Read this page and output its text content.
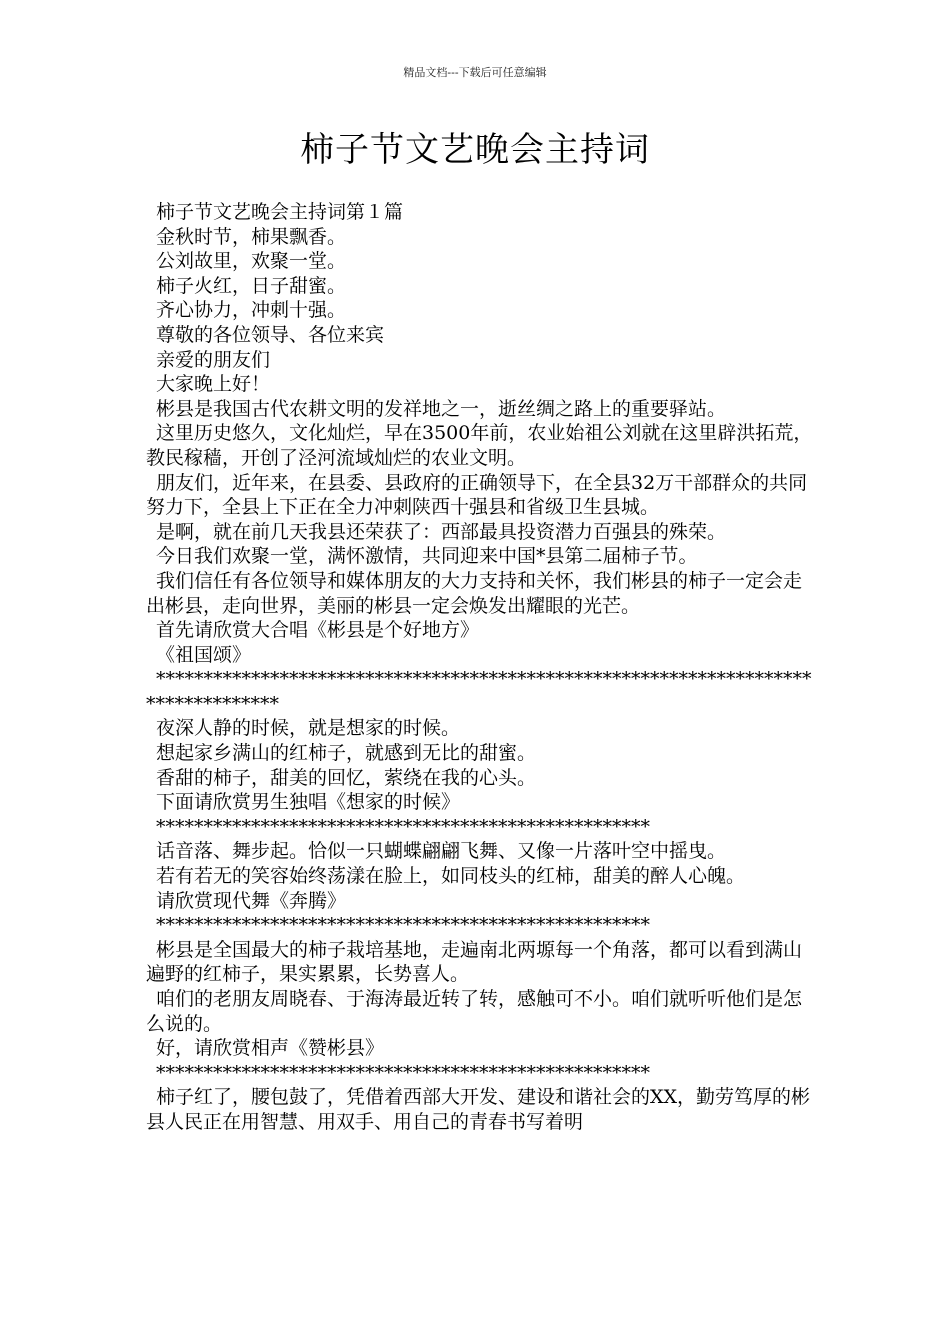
精品文档---下载后可任意编辑
柿子节文艺晚会主持词

柿子节文艺晚会主持词第１篇

金秋时节，柿果飘香。

公刘故里，欢聚一堂。

柿子火红，日子甜蜜。

齐心协力，冲刺十强。

尊敬的各位领导、各位来宾

亲爱的朋友们

大家晚上好！

彬县是我国古代农耕文明的发祥地之一，逝丝绸之路上的重要驿站。

这里历史悠久，文化灿烂，早在3500年前，农业始祖公刘就在这里辟洪拓荒，教民稼穑，开创了泾河流域灿烂的农业文明。

朋友们，近年来，在县委、县政府的正确领导下，在全县32万干部群众的共同努力下，全县上下正在全力冲刺陕西十强县和省级卫生县城。

是啊，就在前几天我县还荣获了：西部最具投资潜力百强县的殊荣。

今日我们欢聚一堂，满怀激情，共同迎来中国*县第二届柿子节。

我们信任有各位领导和媒体朋友的大力支持和关怀，我们彬县的柿子一定会走出彬县，走向世界，美丽的彬县一定会焕发出耀眼的光芒。

首先请欣赏大合唱《彬县是个好地方》

《祖国颂》

***********************************************************************************

夜深人静的时候，就是想家的时候。

想起家乡满山的红柿子，就感到无比的甜蜜。

香甜的柿子，甜美的回忆，萦绕在我的心头。

下面请欣赏男生独唱《想家的时候》

****************************************************

话音落、舞步起。恰似一只蝴蝶翩翩飞舞、又像一片落叶空中摇曳。

若有若无的笑容始终荡漾在脸上，如同枝头的红柿，甜美的醉人心魄。

请欣赏现代舞《奔腾》

****************************************************

彬县是全国最大的柿子栽培基地，走遍南北两塬每一个角落，都可以看到满山遍野的红柿子，果实累累，长势喜人。

咱们的老朋友周晓春、于海涛最近转了转，感触可不小。咱们就听听他们是怎么说的。

好，请欣赏相声《赞彬县》

****************************************************

柿子红了，腰包鼓了，凭借着西部大开发、建设和谐社会的XX，勤劳笃厚的彬县人民正在用智慧、用双手、用自己的青春书写着明
